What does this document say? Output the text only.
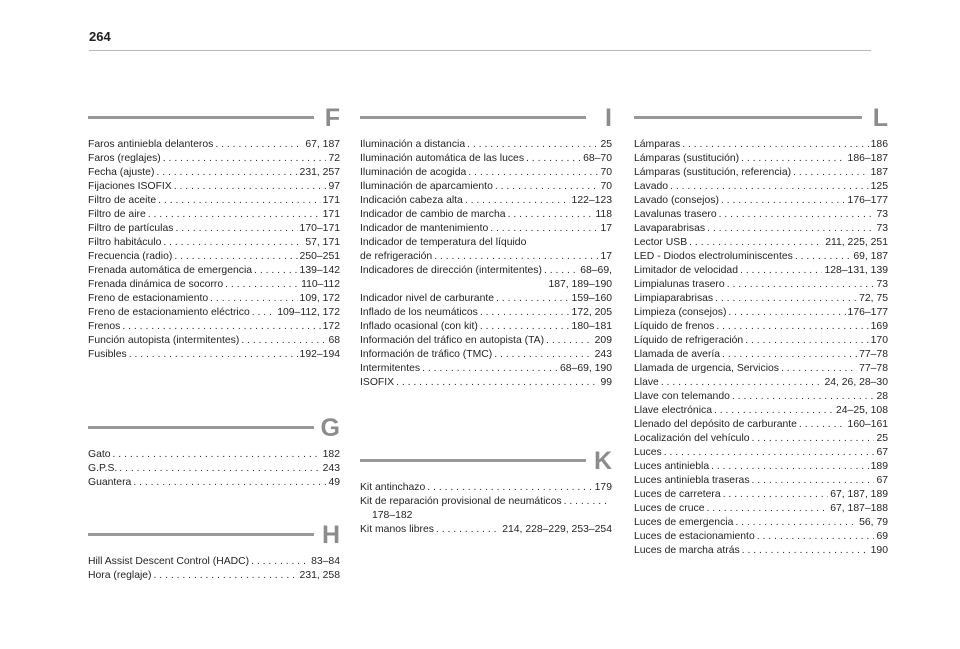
264
F
Faros antiniebla delanteros . . .	67, 187
Faros (reglajes) . . .	72
Fecha (ajuste) . . .	231, 257
Fijaciones ISOFIX . . .	97
Filtro de aceite . . .	171
Filtro de aire . . .	171
Filtro de partículas . . .	170–171
Filtro habitáculo . . .	57, 171
Frecuencia (radio) . . .	250–251
Frenada automática de emergencia . . .	139–142
Frenada dinámica de socorro . . .	110–112
Freno de estacionamiento . . .	109, 172
Freno de estacionamiento eléctrico . . .	109–112, 172
Frenos . . .	172
Función autopista (intermitentes) . . .	68
Fusibles . . .	192–194
G
Gato . . .	182
G.P.S. . . .	243
Guantera . . .	49
H
Hill Assist Descent Control (HADC) . . .	83–84
Hora (reglaje) . . .	231, 258
I
Iluminación a distancia . . .	25
Iluminación automática de las luces . . .	68–70
Iluminación de acogida . . .	70
Iluminación de aparcamiento . . .	70
Indicación cabeza alta . . .	122–123
Indicador de cambio de marcha . . .	118
Indicador de mantenimiento . . .	17
Indicador de temperatura del líquido
de refrigeración . . .	17
Indicadores de dirección (intermitentes) . . .	68–69,
187, 189–190
Indicador nivel de carburante . . .	159–160
Inflado de los neumáticos . . .	172, 205
Inflado ocasional (con kit) . . .	180–181
Información del tráfico en autopista (TA) . . .	209
Información de tráfico (TMC) . . .	243
Intermitentes . . .	68–69, 190
ISOFIX . . .	99
K
Kit antinchazo . . .	179
Kit de reparación provisional de neumáticos
. . .
178–182
Kit manos libres . . .	214, 228–229, 253–254
L
Lámparas . . .	186
Lámparas (sustitución) . . .	186–187
Lámparas (sustitución, referencia) . . .	187
Lavado . . .	125
Lavado (consejos) . . .	176–177
Lavalunas trasero . . .	73
Lavaparabrisas . . .	73
Lector USB . . .	211, 225, 251
LED - Diodos electroluminiscentes . . .	69, 187
Limitador de velocidad . . .	128–131, 139
Limpialunas trasero . . .	73
Limpiaparabrisas . . .	72, 75
Limpieza (consejos) . . .	176–177
Líquido de frenos . . .	169
Líquido de refrigeración . . .	170
Llamada de avería . . .	77–78
Llamada de urgencia, Servicios . . .	77–78
Llave . . .	24, 26, 28–30
Llave con telemando . . .	28
Llave electrónica . . .	24–25, 108
Llenado del depósito de carburante . . .	160–161
Localización del vehículo . . .	25
Luces . . .	67
Luces antiniebla . . .	189
Luces antiniebla traseras . . .	67
Luces de carretera . . .	67, 187, 189
Luces de cruce . . .	67, 187–188
Luces de emergencia . . .	56, 79
Luces de estacionamiento . . .	69
Luces de marcha atrás . . .	190
